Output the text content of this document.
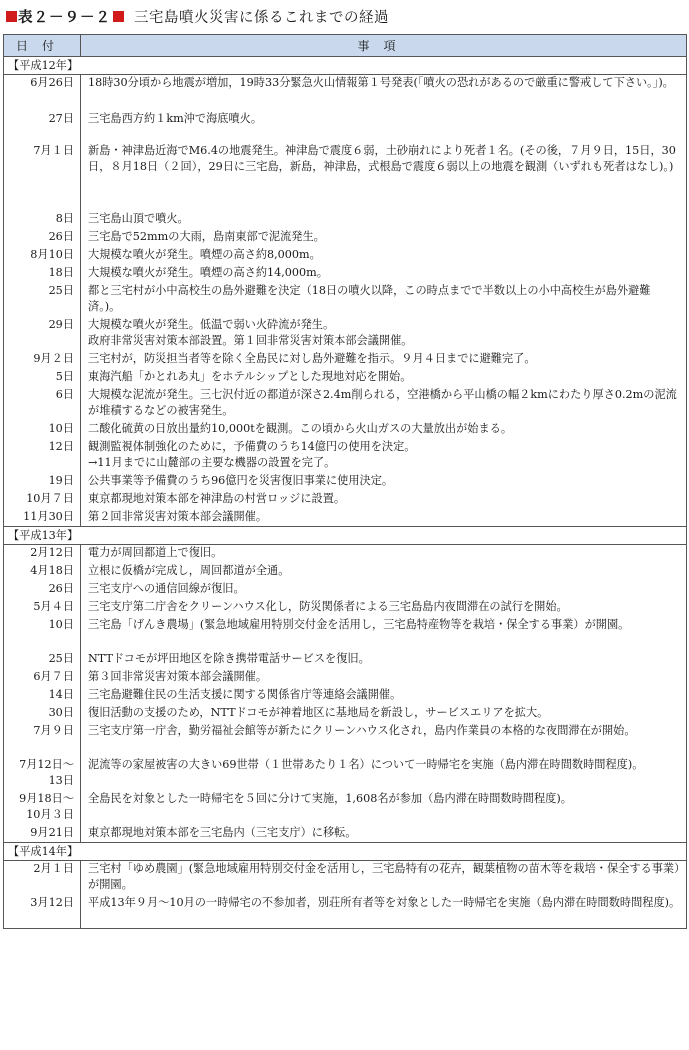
表２－９－２ 三宅島噴火災害に係るこれまでの経過
日付	事項
【平成12年】	
6月26日	18時30分頃から地震が増加，19時33分緊急火山情報第１号発表(「噴火の恐れがあるので厳重に警戒して下さい。」)。
27日	三宅島西方約１km沖で海底噴火。
7月１日	新島・神津島近海でM6.4の地震発生。神津島で震度６弱，土砂崩れにより死者１名。(その後，７月９日，15日，30日，８月18日（２回），29日に三宅島，新島，神津島，式根島で震度６弱以上の地震を観測（いずれも死者はなし)。)
8日	三宅島山頂で噴火。
26日	三宅島で52mmの大雨，島南東部で泥流発生。
8月10日	大規模な噴火が発生。噴煙の高さ約8,000m。
18日	大規模な噴火が発生。噴煙の高さ約14,000m。
25日	都と三宅村が小中高校生の島外避難を決定（18日の噴火以降，この時点までで半数以上の小中高校生が島外避難済。)。
29日	大規模な噴火が発生。低温で弱い火砕流が発生。
政府非常災害対策本部設置。第１回非常災害対策本部会議開催。
9月２日	三宅村が，防災担当者等を除く全島民に対し島外避難を指示。９月４日までに避難完了。
5日	東海汽船「かとれあ丸」をホテルシップとした現地対応を開始。
6日	大規模な泥流が発生。三七沢付近の都道が深さ2.4m削られる，空港橋から平山橋の幅２kmにわたり厚さ0.2mの泥流が堆積するなどの被害発生。
10日	二酸化硫黄の日放出量約10,000tを観測。この頃から火山ガスの大量放出が始まる。
12日	観測監視体制強化のために，予備費のうち14億円の使用を決定。
→11月までに山麓部の主要な機器の設置を完了。
19日	公共事業等予備費のうち96億円を災害復旧事業に使用決定。
10月７日	東京都現地対策本部を神津島の村営ロッジに設置。
11月30日	第２回非常災害対策本部会議開催。
【平成13年】	
2月12日	電力が周回都道上で復旧。
4月18日	立根に仮橋が完成し，周回都道が全通。
26日	三宅支庁への通信回線が復旧。
5月４日	三宅支庁第二庁舎をクリーンハウス化し，防災関係者による三宅島島内夜間滞在の試行を開始。
10日	三宅島「げんき農場」(緊急地域雇用特別交付金を活用し，三宅島特産物等を栽培・保全する事業）が開園。
25日	NTTドコモが坪田地区を除き携帯電話サービスを復旧。
6月７日	第３回非常災害対策本部会議開催。
14日	三宅島避難住民の生活支援に関する関係省庁等連絡会議開催。
30日	復旧活動の支援のため，NTTドコモが神着地区に基地局を新設し，サービスエリアを拡大。
7月９日	三宅支庁第一庁舎，勤労福祉会館等が新たにクリーンハウス化され，島内作業員の本格的な夜間滞在が開始。
7月12日～
13日	泥流等の家屋被害の大きい69世帯（１世帯あたり１名）について一時帰宅を実施（島内滞在時間数時間程度)。
9月18日～
10月３日	全島民を対象とした一時帰宅を５回に分けて実施，1,608名が参加（島内滞在時間数時間程度)。
9月21日	東京都現地対策本部を三宅島内（三宅支庁）に移転。
【平成14年】	
2月１日	三宅村「ゆめ農園」(緊急地域雇用特別交付金を活用し，三宅島特有の花卉，観葉植物の苗木等を栽培・保全する事業）が開園。
3月12日	平成13年９月～10月の一時帰宅の不参加者，別荘所有者等を対象とした一時帰宅を実施（島内滞在時間数時間程度)。
